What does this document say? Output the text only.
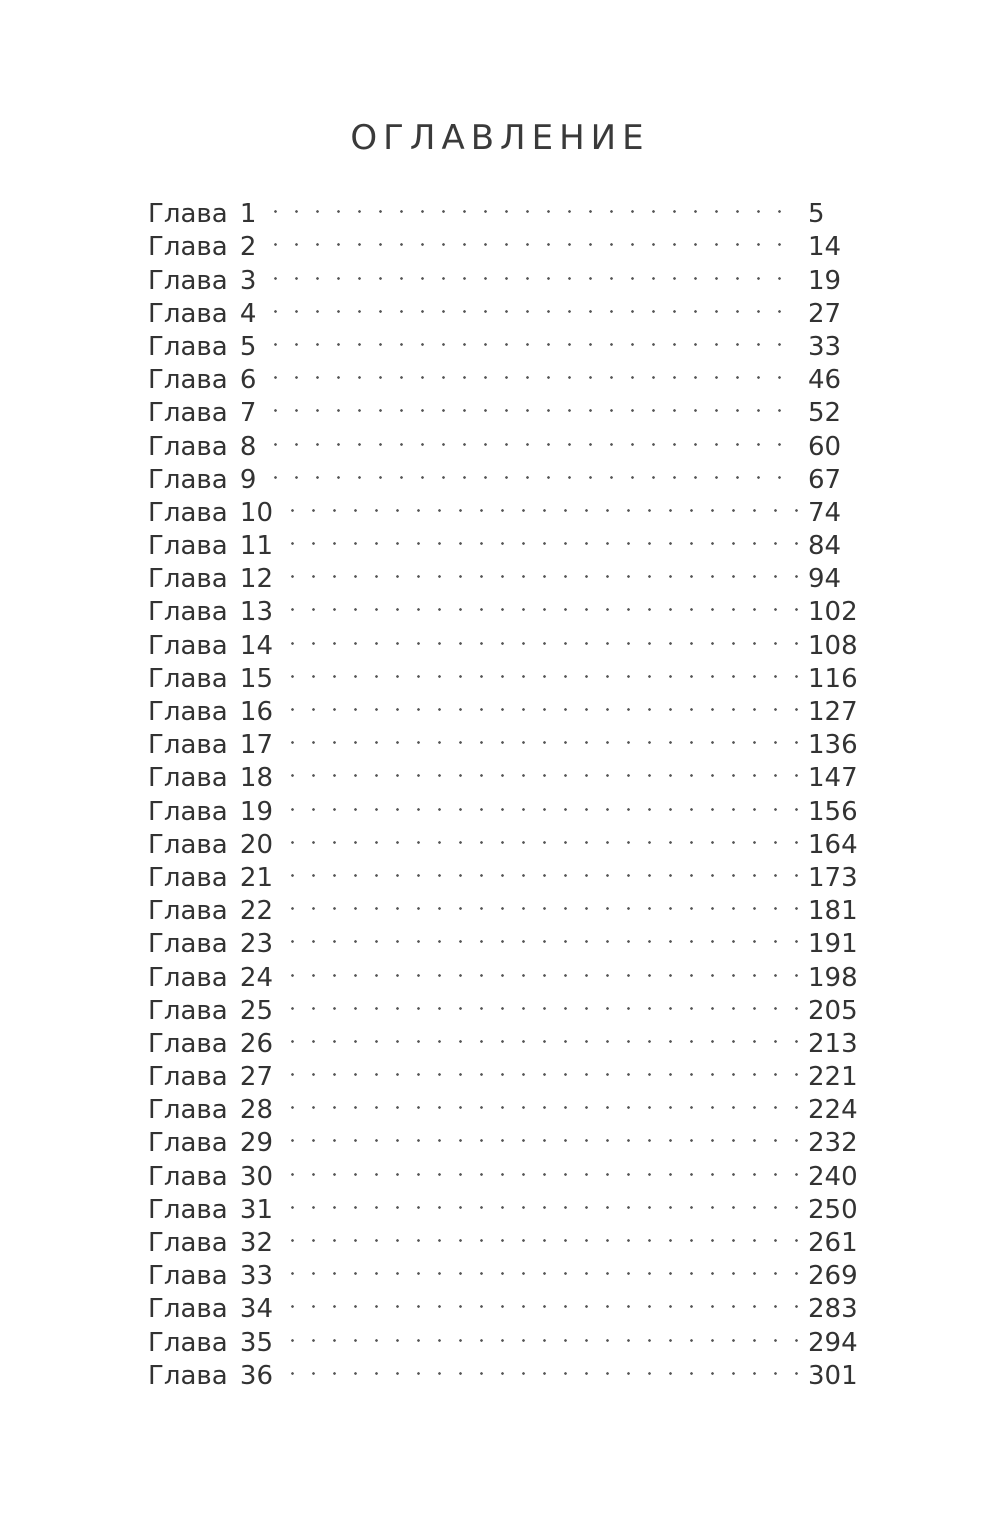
ОГЛАВЛЕНИЕ
Глава 1	5
Глава 2	14
Глава 3	19
Глава 4	27
Глава 5	33
Глава 6	46
Глава 7	52
Глава 8	60
Глава 9	67
Глава 10	74
Глава 11	84
Глава 12	94
Глава 13	102
Глава 14	108
Глава 15	116
Глава 16	127
Глава 17	136
Глава 18	147
Глава 19	156
Глава 20	164
Глава 21	173
Глава 22	181
Глава 23	191
Глава 24	198
Глава 25	205
Глава 26	213
Глава 27	221
Глава 28	224
Глава 29	232
Глава 30	240
Глава 31	250
Глава 32	261
Глава 33	269
Глава 34	283
Глава 35	294
Глава 36	301
